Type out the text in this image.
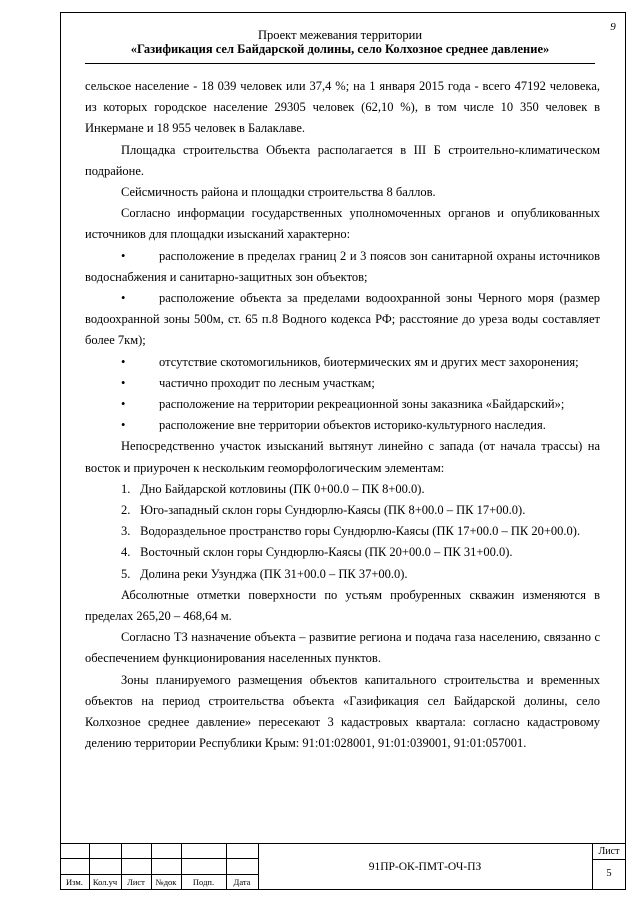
9
Проект межевания территории
«Газификация сел Байдарской долины, село Колхозное среднее давление»

сельское население - 18 039 человек или 37,4 %; на 1 января 2015 года - всего 47192 человека, из которых городское население 29305 человек (62,10 %), в том числе 10 350 человек в Инкермане и 18 955 человек в Балаклаве.

Площадка строительства Объекта располагается в III Б строительно-климатическом подрайоне.

Сейсмичность района и площадки строительства 8 баллов.

Согласно информации государственных уполномоченных органов и опубликованных источников для площадки изысканий характерно:

•	расположение в пределах границ 2 и 3 поясов зон санитарной охраны источников водоснабжения и санитарно-защитных зон объектов;

•	расположение объекта за пределами водоохранной зоны Черного моря (размер водоохранной зоны 500м, ст. 65 п.8 Водного кодекса РФ; расстояние до уреза воды составляет более 7км);

•	отсутствие скотомогильников, биотермических ям и других мест захоронения;

•	частично проходит по лесным участкам;

•	расположение на территории рекреационной зоны заказника «Байдарский»;

•	расположение вне территории объектов историко-культурного наследия.

Непосредственно участок изысканий вытянут линейно с запада (от начала трассы) на восток и приурочен к нескольким геоморфологическим элементам:

1. Дно Байдарской котловины (ПК 0+00.0 – ПК 8+00.0).

2. Юго-западный склон горы Сундюрлю-Каясы (ПК 8+00.0 – ПК 17+00.0).

3. Водораздельное пространство горы Сундюрлю-Каясы (ПК 17+00.0 – ПК 20+00.0).

4. Восточный склон горы Сундюрлю-Каясы (ПК 20+00.0 – ПК 31+00.0).

5. Долина реки Узунджа (ПК 31+00.0 – ПК 37+00.0).

Абсолютные отметки поверхности по устьям пробуренных скважин изменяются в пределах 265,20 – 468,64 м.

Согласно ТЗ назначение объекта – развитие региона и подача газа населению, связанно с обеспечением функционирования населенных пунктов.

Зоны планируемого размещения объектов капитального строительства и временных объектов на период строительства объекта «Газификация сел Байдарской долины, село Колхозное среднее давление» пересекают 3 кадастровых квартала: согласно кадастровому делению территории Республики Крым: 91:01:028001, 91:01:039001, 91:01:057001.

Изм.	Кол.уч	Лист	№док	Подп.	Дата
91ПР-ОК-ПМТ-ОЧ-ПЗ
Лист
5
